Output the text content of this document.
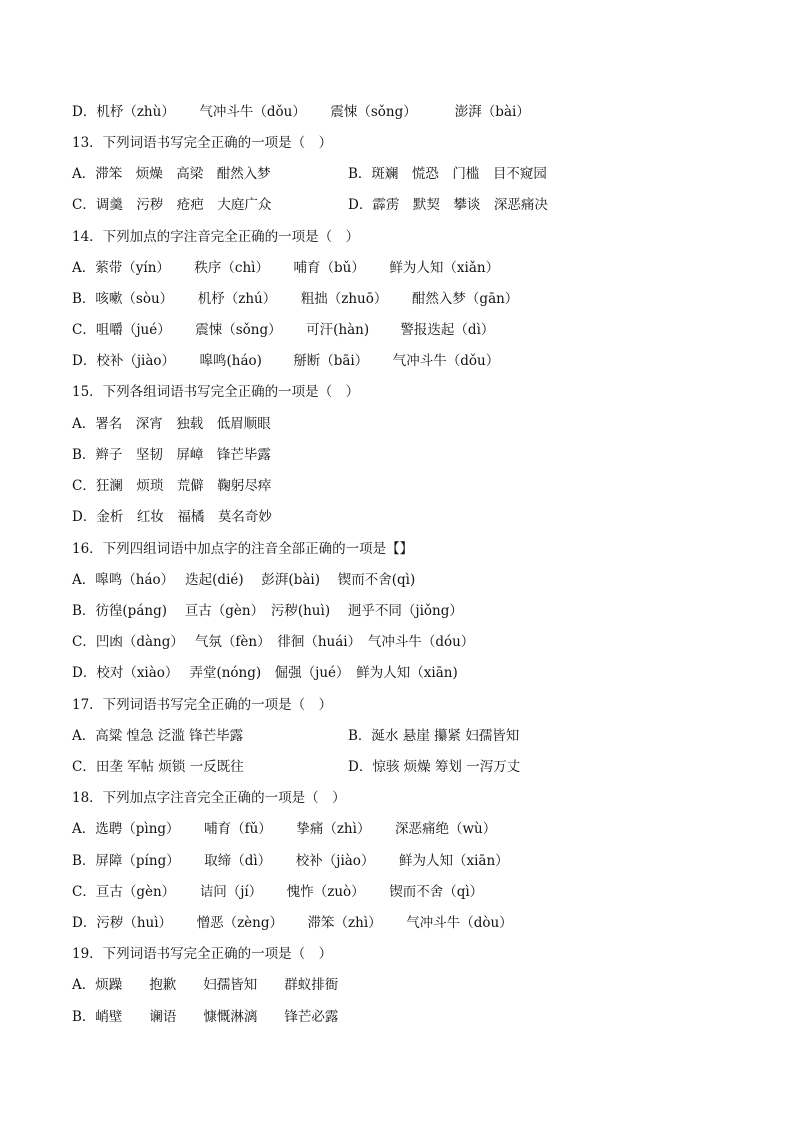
D．机杼（zhù）　　 气冲斗牛（dǒu）　　 震悚（sǒng）　　　 澎湃（bài）
13．下列词语书写完全正确的一项是（　）
A．滞笨　烦燥　高梁　酣然入梦	B．斑斓　慌恐　门槛　目不窥园
C．调羹　污秽　疮疤　大庭广众	D．霹雳　默契　攀谈　深恶痛决
14．下列加点的字注音完全正确的一项是（　）
A．萦带（yín）　　 秩序（chì）　　 哺育（bǔ）　　 鲜为人知（xiǎn）
B．咳嗽（sòu）　　 机杼（zhú）　　 粗拙（zhuō）　　 酣然入梦（gān）
C．咀嚼（jué）　　 震悚（sǒng）　　 可汗(hàn)　　 警报迭起（dì）
D．校补（jiào）　　 嗥鸣(háo)　　 掰断（bāi）　　 气冲斗牛（dǒu）
15．下列各组词语书写完全正确的一项是（　）
A．署名　深宵　独载　低眉顺眼
B．辫子　坚韧　屏嶂　锋芒毕露
C．狂澜　烦琐　荒僻　鞠躬尽瘁
D．金析　红妆　福橘　莫名奇妙
16．下列四组词语中加点字的注音全部正确的一项是【】
A．嗥鸣（háo）　 迭起(dié)　 彭湃(bài)　 锲而不舍(qì)
B．彷徨(páng)　 亘古（gèn）　污秽(huì)　 迥乎不同（jiǒng）
C．凹凼（dàng）　 气氛（fèn）　徘徊（huái）　气冲斗牛（dóu）
D．校对（xiào）　 弄堂(nóng)　倔强（jué）　鲜为人知（xiān)
17．下列词语书写完全正确的一项是（　）
A．高粱 惶急 泛滥 锋芒毕露	B．涎水 悬崖 攥紧 妇孺皆知
C．田垄 军帖 烦锁 一反既往	D．惊骇 烦燥 筹划 一泻万丈
18．下列加点字注音完全正确的一项是（　）
A．选聘（pìng）　　 哺育（fǔ）　　 挚痛（zhì）　　 深恶痛绝（wù）
B．屏障（píng）　　 取缔（dì）　　 校补（jiào）　　 鲜为人知（xiān）
C．亘古（gèn）　　 诘问（jí）　　 愧怍（zuò）　　 锲而不舍（qì）
D．污秽（huì）　　 憎恶（zèng）　　 滞笨（zhì）　　 气冲斗牛（dòu）
19．下列词语书写完全正确的一项是（　）
A．烦躁　　抱歉　　妇孺皆知　　群蚁排衙
B．峭壁　　谰语　　慷慨淋漓　　锋芒必露
